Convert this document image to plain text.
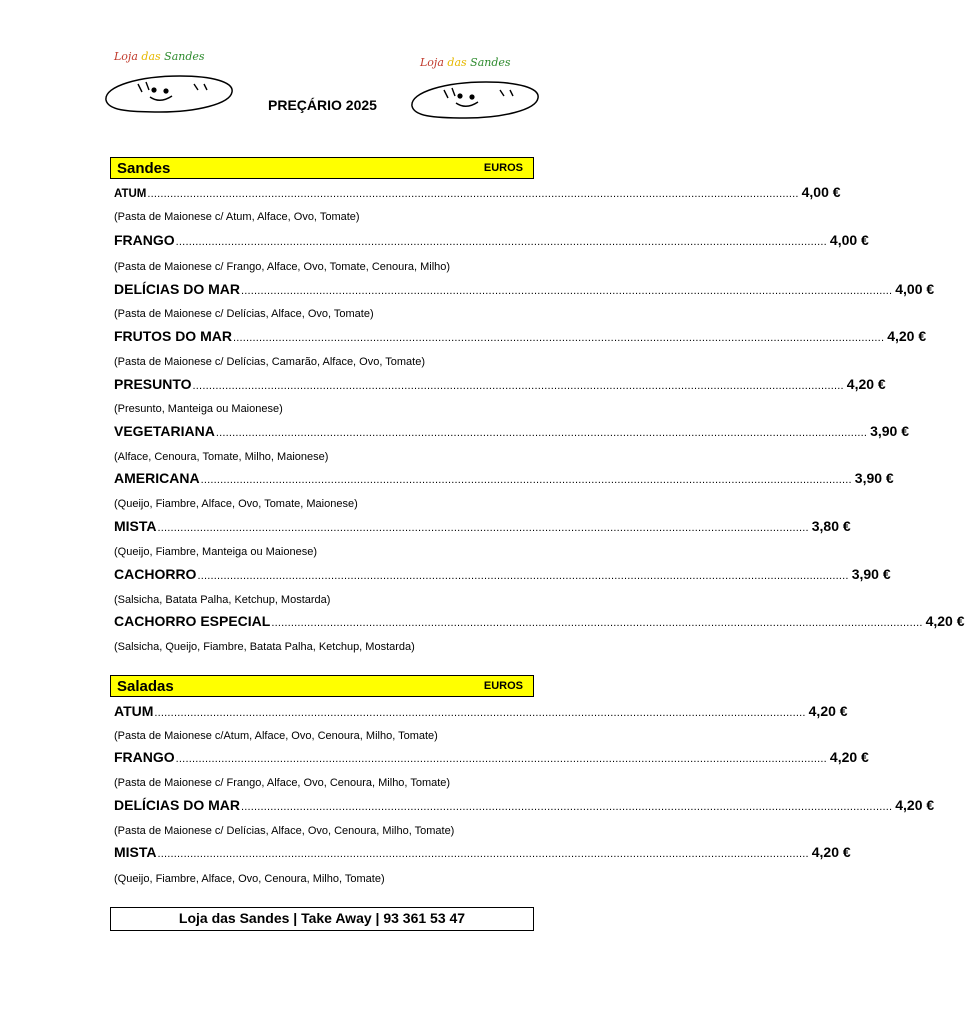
Loja das Sandes	Loja das Sandes
PREÇÁRIO 2025
Sandes	EUROS
ATUM ........................................................................................................................................................................................................ 4,00 €
(Pasta de Maionese c/ Atum, Alface, Ovo, Tomate)
FRANGO ........................................................................................................................................................................................................ 4,00 €
(Pasta de Maionese c/ Frango, Alface, Ovo, Tomate, Cenoura, Milho)
DELÍCIAS DO MAR ........................................................................................................................................................................................................ 4,00 €
(Pasta de Maionese c/ Delícias, Alface, Ovo, Tomate)
FRUTOS DO MAR ........................................................................................................................................................................................................ 4,20 €
(Pasta de Maionese c/ Delícias, Camarão, Alface, Ovo, Tomate)
PRESUNTO ........................................................................................................................................................................................................ 4,20 €
(Presunto, Manteiga ou Maionese)
VEGETARIANA ........................................................................................................................................................................................................ 3,90 €
(Alface, Cenoura, Tomate, Milho, Maionese)
AMERICANA ........................................................................................................................................................................................................ 3,90 €
(Queijo, Fiambre, Alface, Ovo, Tomate, Maionese)
MISTA ........................................................................................................................................................................................................ 3,80 €
(Queijo, Fiambre, Manteiga ou Maionese)
CACHORRO ........................................................................................................................................................................................................ 3,90 €
(Salsicha, Batata Palha, Ketchup, Mostarda)
CACHORRO ESPECIAL ........................................................................................................................................................................................................ 4,20 €
(Salsicha, Queijo, Fiambre, Batata Palha, Ketchup, Mostarda)
Saladas	EUROS
ATUM ........................................................................................................................................................................................................ 4,20 €
(Pasta de Maionese c/Atum, Alface, Ovo, Cenoura, Milho, Tomate)
FRANGO ........................................................................................................................................................................................................ 4,20 €
(Pasta de Maionese c/ Frango, Alface, Ovo, Cenoura, Milho, Tomate)
DELÍCIAS DO MAR ........................................................................................................................................................................................................ 4,20 €
(Pasta de Maionese c/ Delícias, Alface, Ovo, Cenoura, Milho, Tomate)
MISTA ........................................................................................................................................................................................................ 4,20 €
(Queijo, Fiambre, Alface, Ovo, Cenoura, Milho, Tomate)
Loja das Sandes | Take Away | 93 361 53 47
